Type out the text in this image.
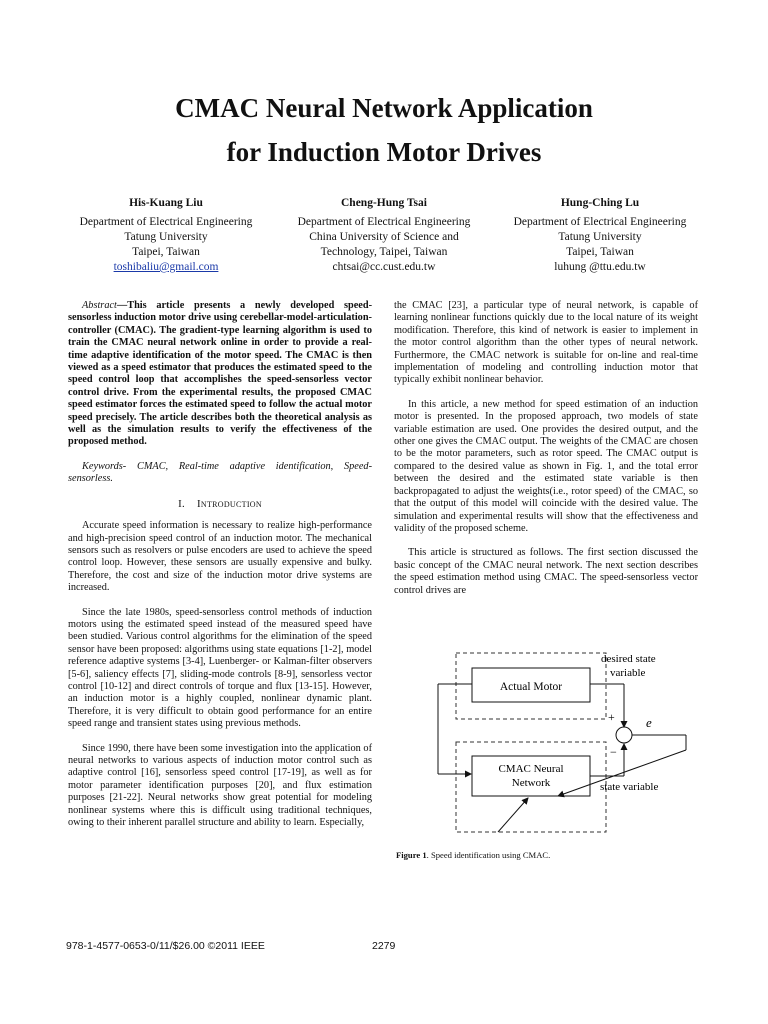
CMAC Neural Network Application
for Induction Motor Drives
His-Kuang Liu
Department of Electrical Engineering
Tatung University
Taipei, Taiwan
toshibaliu@gmail.com
Cheng-Hung Tsai
Department of Electrical Engineering
China University of Science and
Technology, Taipei, Taiwan
chtsai@cc.cust.edu.tw
Hung-Ching Lu
Department of Electrical Engineering
Tatung University
Taipei, Taiwan
luhung @ttu.edu.tw

Abstract—This article presents a newly developed speed-sensorless induction motor drive using cerebellar-model-articulation-controller (CMAC). The gradient-type learning algorithm is used to train the CMAC neural network online in order to provide a real-time adaptive identification of the motor speed. The CMAC is then viewed as a speed estimator that produces the estimated speed to the speed control loop that accomplishes the speed-sensorless vector control drive. From the experimental results, the proposed CMAC speed estimator forces the estimated speed to follow the actual motor speed precisely. The article describes both the theoretical analysis as well as the simulation results to verify the effectiveness of the proposed method.

Keywords- CMAC, Real-time adaptive identification, Speed-sensorless.

I. Introduction

Accurate speed information is necessary to realize high-performance and high-precision speed control of an induction motor. The mechanical sensors such as resolvers or pulse encoders are used to achieve the speed control loop. However, these sensors are usually expensive and bulky. Therefore, the cost and size of the induction motor drive systems are increased.

Since the late 1980s, speed-sensorless control methods of induction motors using the estimated speed instead of the measured speed have been studied. Various control algorithms for the elimination of the speed sensor have been proposed: algorithms using state equations [1-2], model reference adaptive systems [3-4], Luenberger- or Kalman-filter observers [5-6], saliency effects [7], sliding-mode controls [8-9], sensorless vector control [10-12] and direct controls of torque and flux [13-15]. However, an induction motor is a highly coupled, nonlinear dynamic plant. Therefore, it is very difficult to obtain good performance for an entire speed range and transient states using previous methods.

Since 1990, there have been some investigation into the application of neural networks to various aspects of induction motor control such as adaptive control [16], sensorless speed control [17-19], as well as for motor parameter identification purposes [20], and flux estimation purposes [21-22]. Neural networks show great potential for modeling nonlinear systems where this is difficult using traditional techniques, owing to their inherent parallel structure and ability to learn. Especially,

the CMAC [23], a particular type of neural network, is capable of learning nonlinear functions quickly due to the local nature of its weight modification. Therefore, this kind of network is easier to implement in the motor control algorithm than the other types of neural network. Furthermore, the CMAC network is suitable for on-line and real-time implementation of modeling and controlling induction motor that typically exhibit nonlinear behavior.

In this article, a new method for speed estimation of an induction motor is presented. In the proposed approach, two models of state variable estimation are used. One provides the desired output, and the other one gives the CMAC output. The weights of the CMAC are chosen to be the motor parameters, such as rotor speed. The CMAC output is compared to the desired value as shown in Fig. 1, and the total error between the desired and the estimated state variable is then backpropagated to adjust the weights(i.e., rotor speed) of the CMAC, so that the output of this model will coincide with the desired value. The simulation and experimental results will show that the effectiveness and validity of the proposed scheme.

This article is structured as follows. The first section discussed the basic concept of the CMAC neural network. The next section describes the speed estimation method using CMAC. The speed-sensorless vector control drives are

Actual Motor
CMAC Neural
Network
desired state
variable
+
−
e
state variable
Figure 1. Speed identification using CMAC.
978-1-4577-0653-0/11/$26.00 ©2011 IEEE	2279
